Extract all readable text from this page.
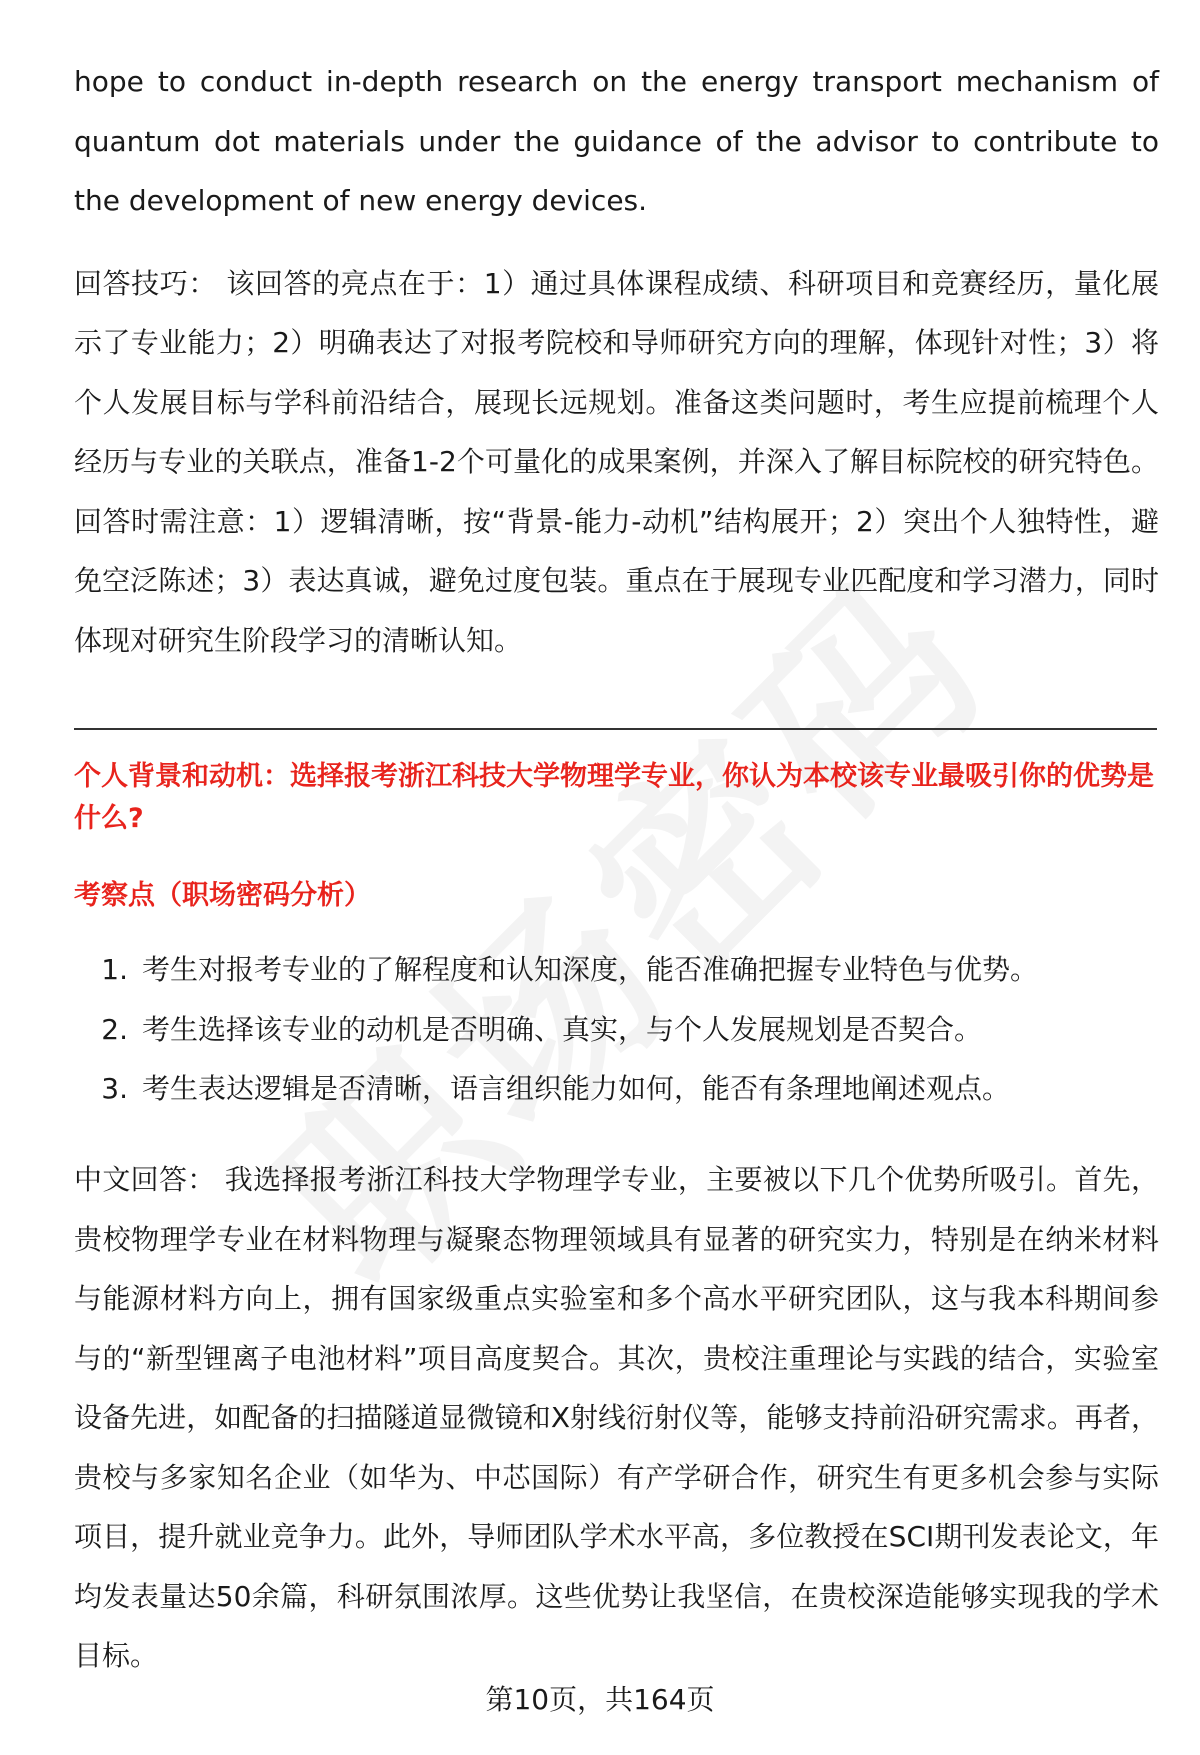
hope to conduct in-depth research on the energy transport mechanism of quantum dot materials under the guidance of the advisor to contribute to the development of new energy devices.

回答技巧： 该回答的亮点在于：1）通过具体课程成绩、科研项目和竞赛经历，量化展示了专业能力；2）明确表达了对报考院校和导师研究方向的理解，体现针对性；3）将个人发展目标与学科前沿结合，展现长远规划。准备这类问题时，考生应提前梳理个人经历与专业的关联点，准备1-2个可量化的成果案例，并深入了解目标院校的研究特色。回答时需注意：1）逻辑清晰，按“背景-能力-动机”结构展开；2）突出个人独特性，避免空泛陈述；3）表达真诚，避免过度包装。重点在于展现专业匹配度和学习潜力，同时体现对研究生阶段学习的清晰认知。

个人背景和动机：选择报考浙江科技大学物理学专业，你认为本校该专业最吸引你的优势是什么?

考察点（职场密码分析）

1. 考生对报考专业的了解程度和认知深度，能否准确把握专业特色与优势。
2. 考生选择该专业的动机是否明确、真实，与个人发展规划是否契合。
3. 考生表达逻辑是否清晰，语言组织能力如何，能否有条理地阐述观点。

中文回答： 我选择报考浙江科技大学物理学专业，主要被以下几个优势所吸引。首先，贵校物理学专业在材料物理与凝聚态物理领域具有显著的研究实力，特别是在纳米材料与能源材料方向上，拥有国家级重点实验室和多个高水平研究团队，这与我本科期间参与的“新型锂离子电池材料”项目高度契合。其次，贵校注重理论与实践的结合，实验室设备先进，如配备的扫描隧道显微镜和X射线衍射仪等，能够支持前沿研究需求。再者，贵校与多家知名企业（如华为、中芯国际）有产学研合作，研究生有更多机会参与实际项目，提升就业竞争力。此外，导师团队学术水平高，多位教授在SCI期刊发表论文，年均发表量达50余篇，科研氛围浓厚。这些优势让我坚信，在贵校深造能够实现我的学术目标。

第10页，共164页
